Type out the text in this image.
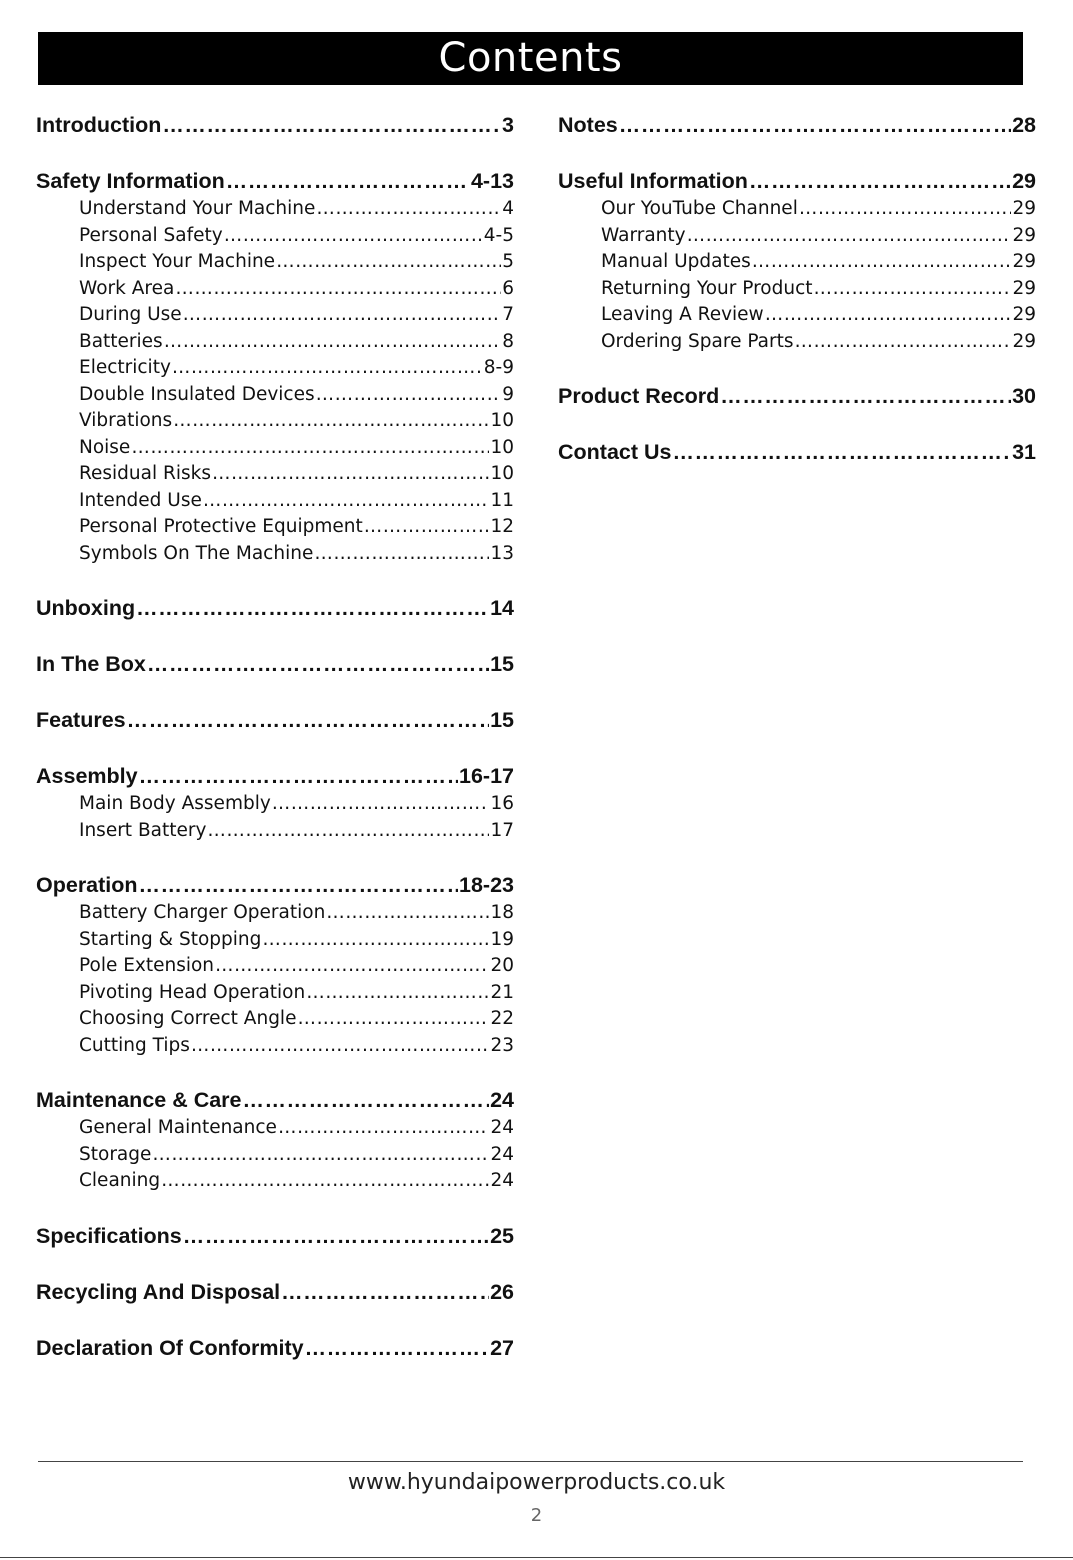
Contents
Introduction ……………………………………………………………………………………………………………………………………………………………	3
Safety Information ……………………………………………………………………………………………………………………………………………………………	4-13
Understand Your Machine ……………………………………………………………………………………………………………………………………………………………	4
Personal Safety ……………………………………………………………………………………………………………………………………………………………	4-5
Inspect Your Machine ……………………………………………………………………………………………………………………………………………………………	5
Work Area ……………………………………………………………………………………………………………………………………………………………	6
During Use ……………………………………………………………………………………………………………………………………………………………	7
Batteries ……………………………………………………………………………………………………………………………………………………………	8
Electricity ……………………………………………………………………………………………………………………………………………………………	8-9
Double Insulated Devices ……………………………………………………………………………………………………………………………………………………………	9
Vibrations ……………………………………………………………………………………………………………………………………………………………	10
Noise ……………………………………………………………………………………………………………………………………………………………	10
Residual Risks ……………………………………………………………………………………………………………………………………………………………	10
Intended Use ……………………………………………………………………………………………………………………………………………………………	11
Personal Protective Equipment ……………………………………………………………………………………………………………………………………………………………	12
Symbols On The Machine ……………………………………………………………………………………………………………………………………………………………	13
Unboxing ……………………………………………………………………………………………………………………………………………………………	14
In The Box ……………………………………………………………………………………………………………………………………………………………	15
Features ……………………………………………………………………………………………………………………………………………………………	15
Assembly ……………………………………………………………………………………………………………………………………………………………	16-17
Main Body Assembly ……………………………………………………………………………………………………………………………………………………………	16
Insert Battery ……………………………………………………………………………………………………………………………………………………………	17
Operation ……………………………………………………………………………………………………………………………………………………………	18-23
Battery Charger Operation ……………………………………………………………………………………………………………………………………………………………	18
Starting & Stopping ……………………………………………………………………………………………………………………………………………………………	19
Pole Extension ……………………………………………………………………………………………………………………………………………………………	20
Pivoting Head Operation ……………………………………………………………………………………………………………………………………………………………	21
Choosing Correct Angle ……………………………………………………………………………………………………………………………………………………………	22
Cutting Tips ……………………………………………………………………………………………………………………………………………………………	23
Maintenance & Care ……………………………………………………………………………………………………………………………………………………………	24
General Maintenance ……………………………………………………………………………………………………………………………………………………………	24
Storage ……………………………………………………………………………………………………………………………………………………………	24
Cleaning ……………………………………………………………………………………………………………………………………………………………	24
Specifications ……………………………………………………………………………………………………………………………………………………………	25
Recycling And Disposal ……………………………………………………………………………………………………………………………………………………………	26
Declaration Of Conformity ……………………………………………………………………………………………………………………………………………………………	27
Notes ……………………………………………………………………………………………………………………………………………………………	28
Useful Information ……………………………………………………………………………………………………………………………………………………………	29
Our YouTube Channel ……………………………………………………………………………………………………………………………………………………………	29
Warranty ……………………………………………………………………………………………………………………………………………………………	29
Manual Updates ……………………………………………………………………………………………………………………………………………………………	29
Returning Your Product ……………………………………………………………………………………………………………………………………………………………	29
Leaving A Review ……………………………………………………………………………………………………………………………………………………………	29
Ordering Spare Parts ……………………………………………………………………………………………………………………………………………………………	29
Product Record ……………………………………………………………………………………………………………………………………………………………	30
Contact Us ……………………………………………………………………………………………………………………………………………………………	31
www.hyundaipowerproducts.co.uk
2
